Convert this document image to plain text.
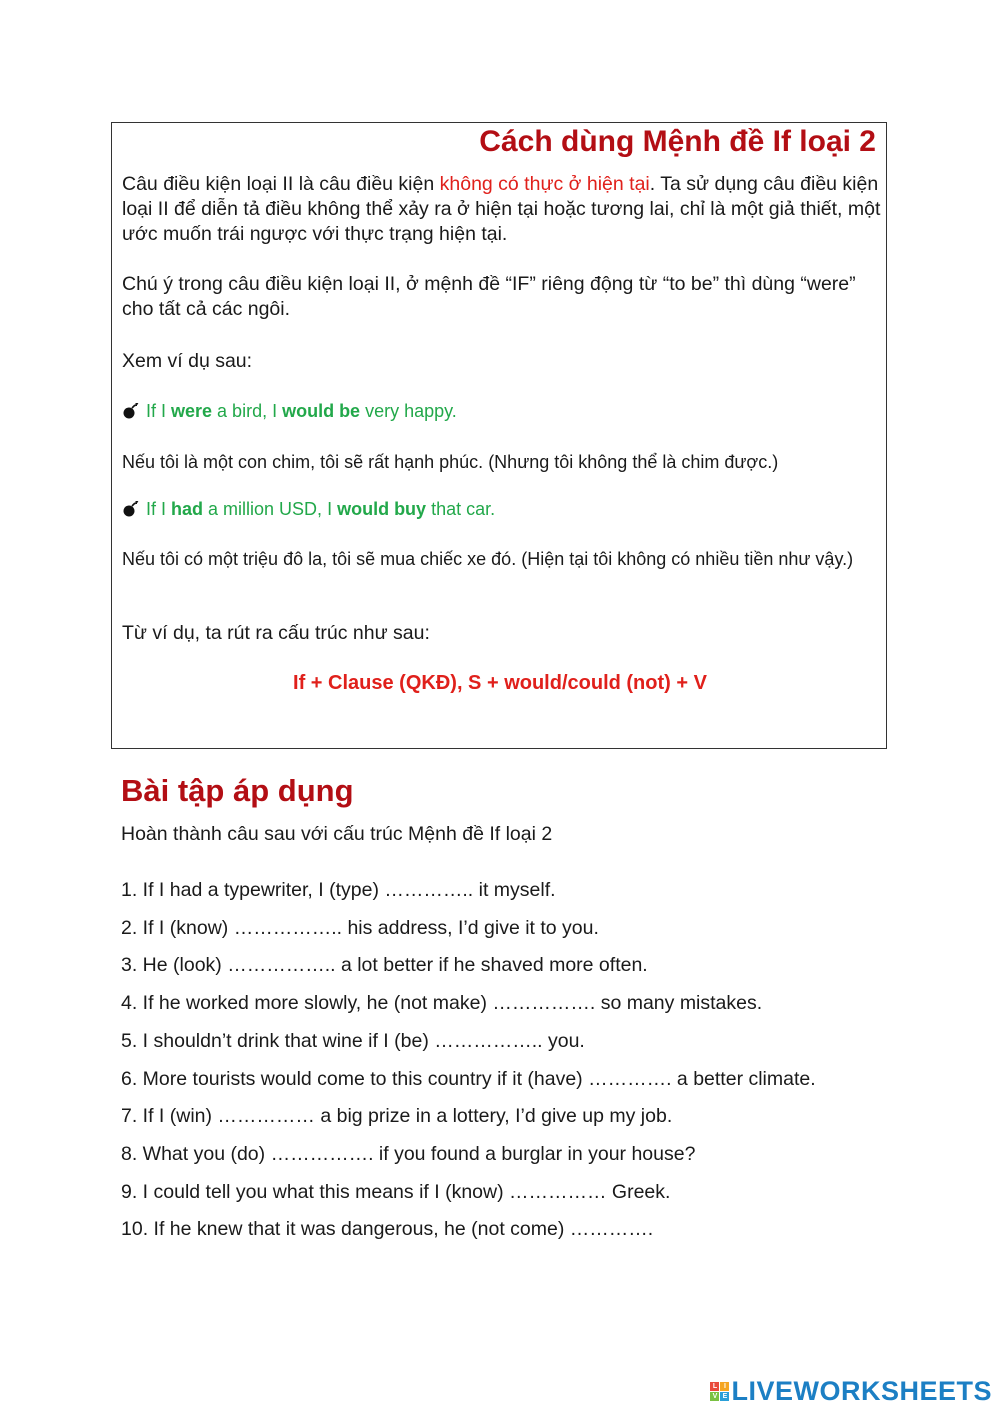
Cách dùng Mệnh đề If loại 2

Câu điều kiện loại II là câu điều kiện không có thực ở hiện tại. Ta sử dụng câu điều kiện loại II để diễn tả điều không thể xảy ra ở hiện tại hoặc tương lai, chỉ là một giả thiết, một ước muốn trái ngược với thực trạng hiện tại.

Chú ý trong câu điều kiện loại II, ở mệnh đề “IF” riêng động từ “to be” thì dùng “were” cho tất cả các ngôi.

Xem ví dụ sau:

If I were a bird, I would be very happy.

Nếu tôi là một con chim, tôi sẽ rất hạnh phúc. (Nhưng tôi không thể là chim được.)

If I had a million USD, I would buy that car.

Nếu tôi có một triệu đô la, tôi sẽ mua chiếc xe đó. (Hiện tại tôi không có nhiều tiền như vậy.)

Từ ví dụ, ta rút ra cấu trúc như sau:

If + Clause (QKĐ), S + would/could (not) + V

Bài tập áp dụng

Hoàn thành câu sau với cấu trúc Mệnh đề If loại 2

1. If I had a typewriter, I (type) ………….. it myself.
2. If I (know) …………….. his address, I’d give it to you.
3. He (look) …………….. a lot better if he shaved more often.
4. If he worked more slowly, he (not make) ……………. so many mistakes.
5. I shouldn’t drink that wine if I (be) …………….. you.
6. More tourists would come to this country if it (have) …………. a better climate.
7. If I (win) …………… a big prize in a lottery, I’d give up my job.
8. What you (do) ……………. if you found a burglar in your house?
9. I could tell you what this means if I (know) …………… Greek.
10. If he knew that it was dangerous, he (not come) ………….
L I
V E LIVEWORKSHEETS
